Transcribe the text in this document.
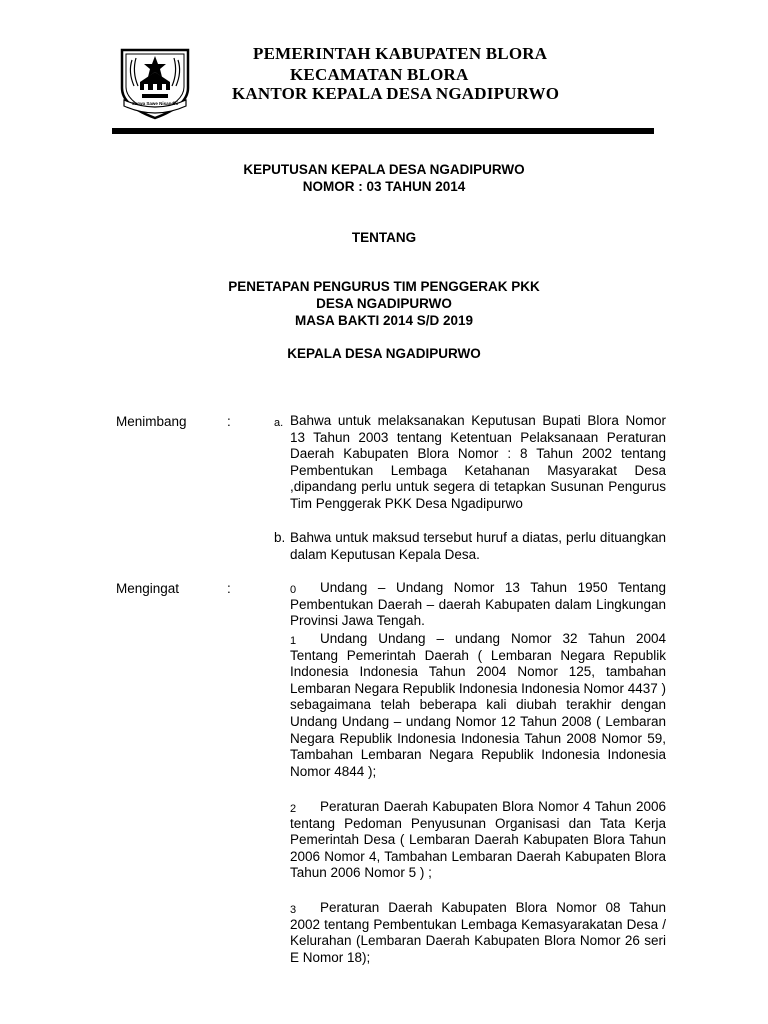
Sarwa Sawe Nisandhi
PEMERINTAH KABUPATEN BLORA
KECAMATAN BLORA
KANTOR KEPALA DESA NGADIPURWO
KEPUTUSAN KEPALA DESA NGADIPURWO
NOMOR : 03 TAHUN 2014
TENTANG
PENETAPAN PENGURUS TIM PENGGERAK PKK
DESA NGADIPURWO
MASA BAKTI 2014 S/D 2019
KEPALA DESA NGADIPURWO
Menimbang	:	a. Bahwa untuk melaksanakan Keputusan Bupati Blora Nomor 13 Tahun 2003 tentang Ketentuan Pelaksanaan Peraturan Daerah Kabupaten Blora Nomor : 8 Tahun 2002 tentang Pembentukan Lembaga Ketahanan Masyarakat Desa ,dipandang perlu untuk segera di tetapkan Susunan Pengurus Tim Penggerak PKK Desa Ngadipurwo
b. Bahwa untuk maksud tersebut huruf a diatas, perlu dituangkan dalam Keputusan Kepala Desa.
Mengingat	:	0 Undang – Undang Nomor 13 Tahun 1950 Tentang Pembentukan Daerah – daerah Kabupaten dalam Lingkungan Provinsi Jawa Tengah.
1 Undang Undang – undang Nomor 32 Tahun 2004 Tentang Pemerintah Daerah ( Lembaran Negara Republik Indonesia Indonesia Tahun 2004 Nomor 125, tambahan Lembaran Negara Republik Indonesia Indonesia Nomor 4437 ) sebagaimana telah beberapa kali diubah terakhir dengan Undang Undang – undang Nomor 12 Tahun 2008 ( Lembaran Negara Republik Indonesia Indonesia Tahun 2008 Nomor 59, Tambahan Lembaran Negara Republik Indonesia Indonesia Nomor 4844 );
2 Peraturan Daerah Kabupaten Blora Nomor 4 Tahun 2006 tentang Pedoman Penyusunan Organisasi dan Tata Kerja Pemerintah Desa ( Lembaran Daerah Kabupaten Blora Tahun 2006 Nomor 4, Tambahan Lembaran Daerah Kabupaten Blora Tahun 2006 Nomor 5 ) ;
3 Peraturan Daerah Kabupaten Blora Nomor 08 Tahun 2002 tentang Pembentukan Lembaga Kemasyarakatan Desa / Kelurahan (Lembaran Daerah Kabupaten Blora Nomor 26 seri E Nomor 18);
